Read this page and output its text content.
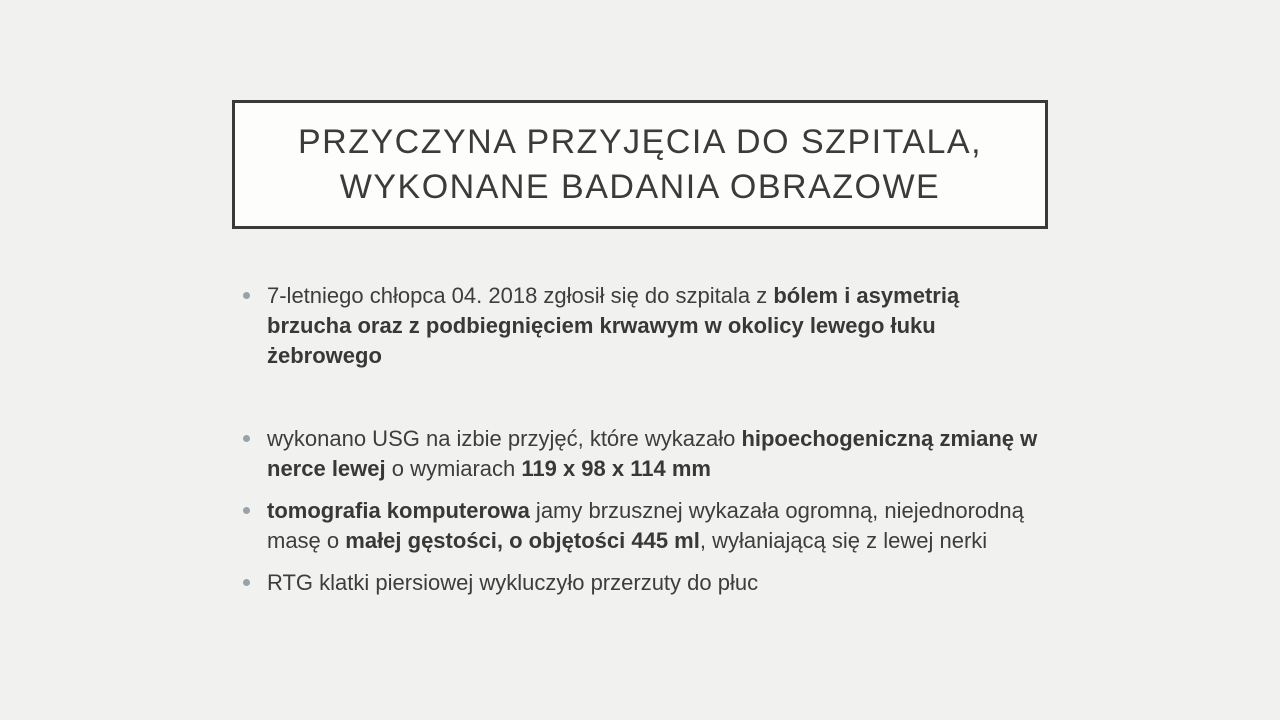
PRZYCZYNA PRZYJĘCIA DO SZPITALA,
WYKONANE BADANIA OBRAZOWE
7-letniego chłopca 04. 2018 zgłosił się do szpitala z bólem i asymetrią brzucha oraz z podbiegnięciem krwawym w okolicy lewego łuku żebrowego
wykonano USG na izbie przyjęć, które wykazało hipoechogeniczną zmianę w nerce lewej o wymiarach 119 x 98 x 114 mm
tomografia komputerowa jamy brzusznej wykazała ogromną, niejednorodną masę o małej gęstości, o objętości 445 ml, wyłaniającą się z lewej nerki
RTG klatki piersiowej wykluczyło przerzuty do płuc
